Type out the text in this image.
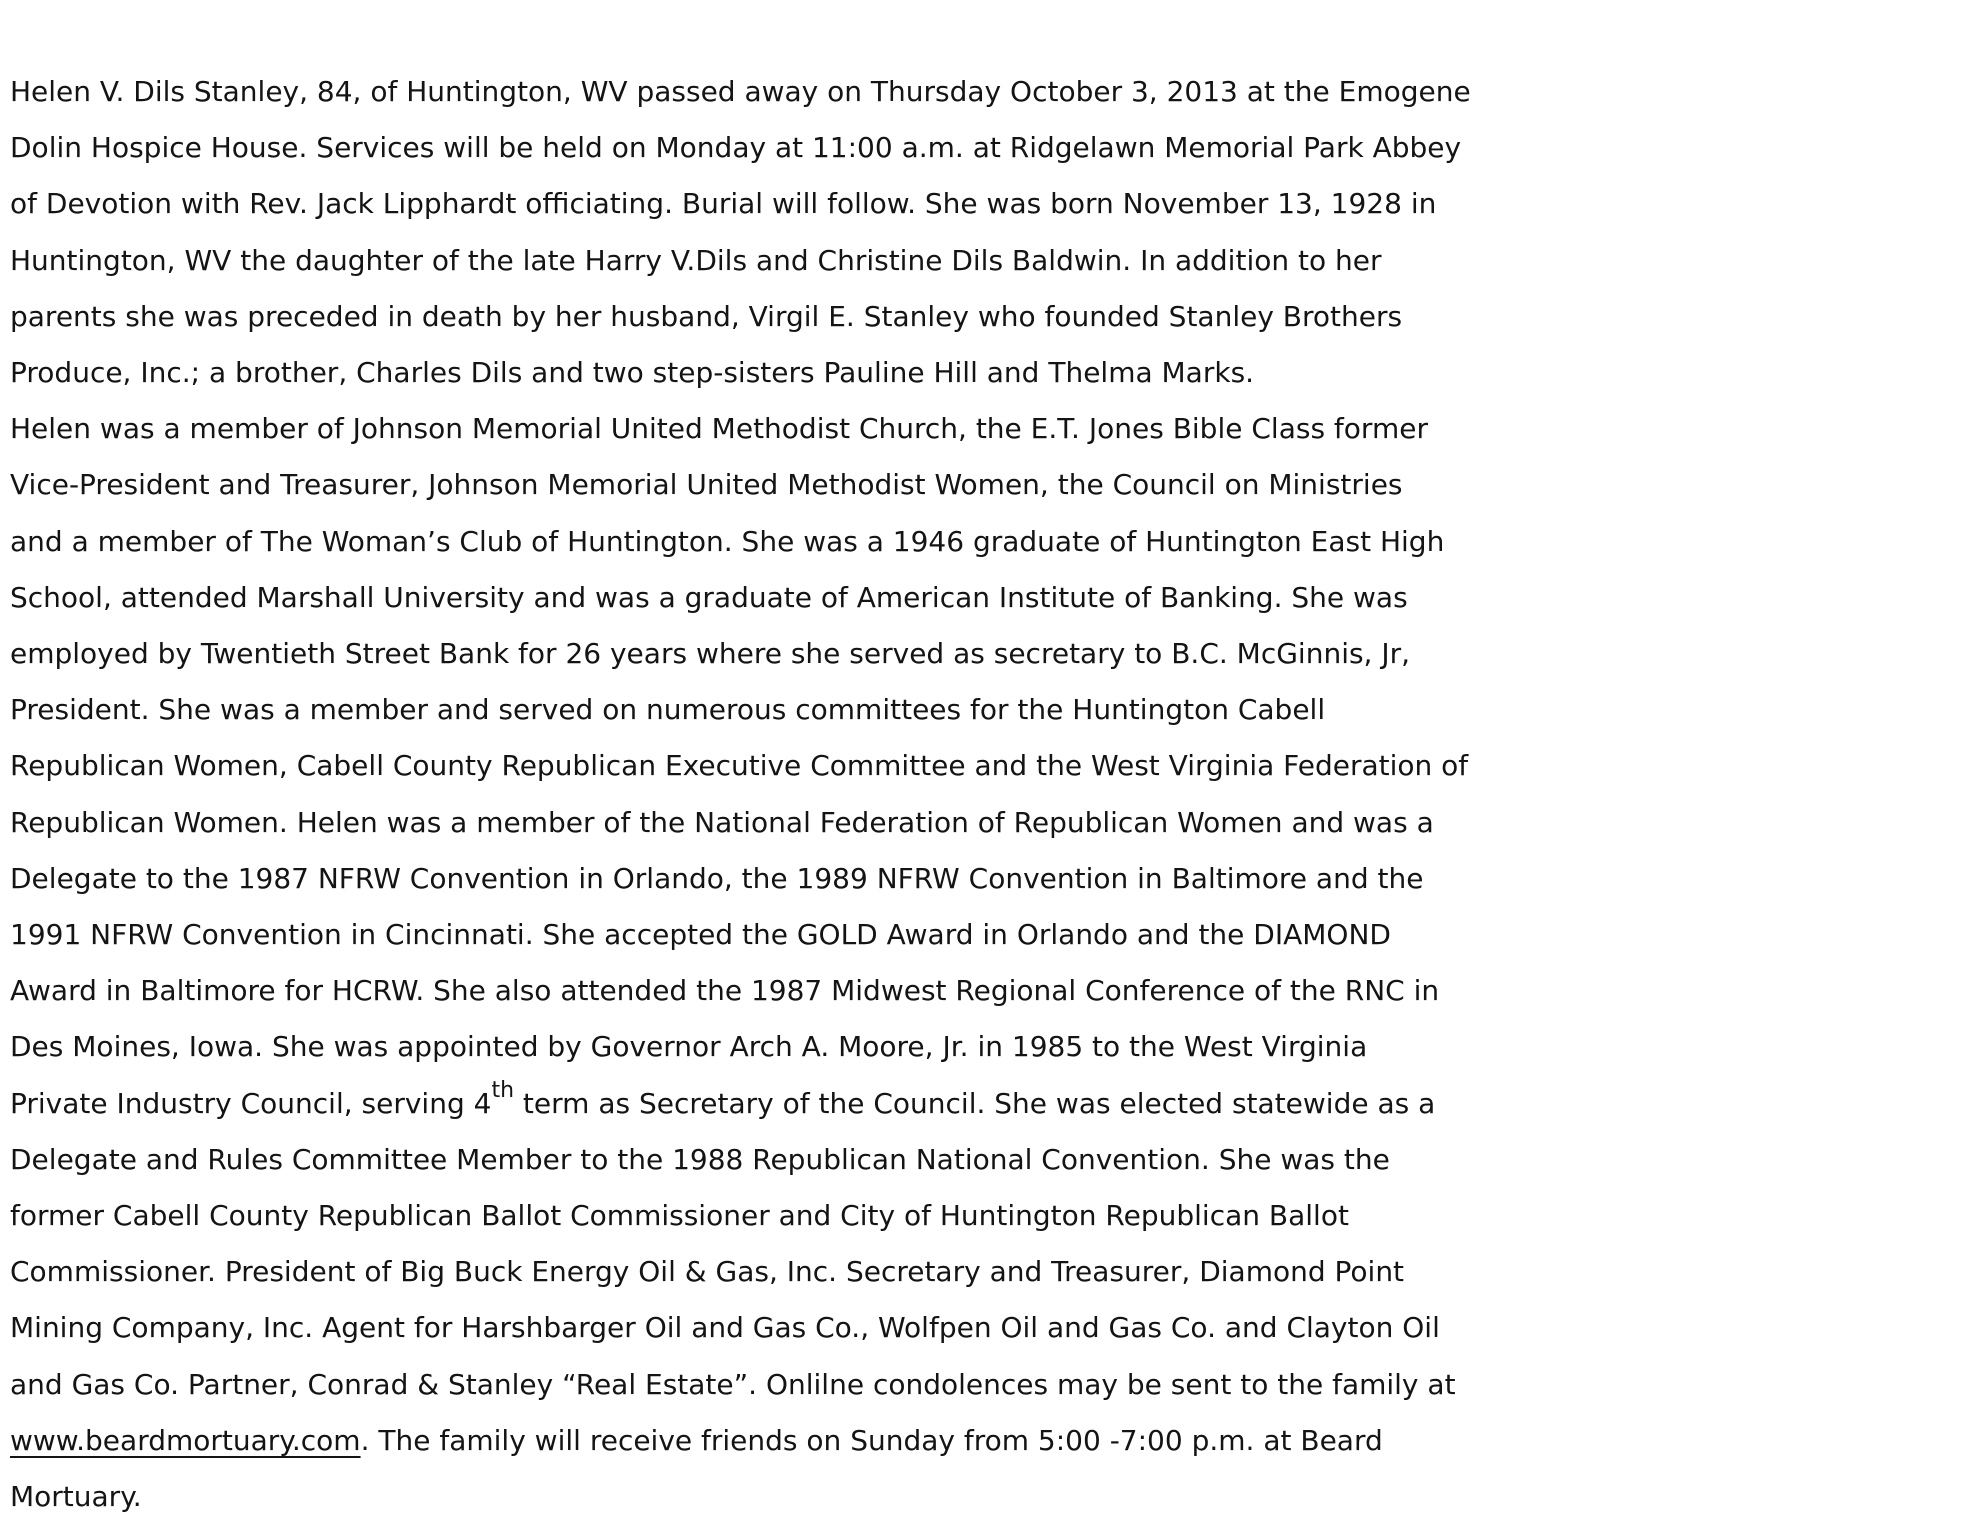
Helen V. Dils Stanley, 84, of Huntington, WV passed away on Thursday October 3, 2013 at the Emogene
Dolin Hospice House. Services will be held on Monday at 11:00 a.m. at Ridgelawn Memorial Park Abbey
of Devotion with Rev. Jack Lipphardt officiating. Burial will follow. She was born November 13, 1928 in
Huntington, WV the daughter of the late Harry V.Dils and Christine Dils Baldwin. In addition to her
parents she was preceded in death by her husband, Virgil E. Stanley who founded Stanley Brothers
Produce, Inc.; a brother, Charles Dils and two step-sisters Pauline Hill and Thelma Marks.
Helen was a member of Johnson Memorial United Methodist Church, the E.T. Jones Bible Class former
Vice-President and Treasurer, Johnson Memorial United Methodist Women, the Council on Ministries
and a member of The Woman’s Club of Huntington. She was a 1946 graduate of Huntington East High
School, attended Marshall University and was a graduate of American Institute of Banking. She was
employed by Twentieth Street Bank for 26 years where she served as secretary to B.C. McGinnis, Jr,
President. She was a member and served on numerous committees for the Huntington Cabell
Republican Women, Cabell County Republican Executive Committee and the West Virginia Federation of
Republican Women. Helen was a member of the National Federation of Republican Women and was a
Delegate to the 1987 NFRW Convention in Orlando, the 1989 NFRW Convention in Baltimore and the
1991 NFRW Convention in Cincinnati. She accepted the GOLD Award in Orlando and the DIAMOND
Award in Baltimore for HCRW. She also attended the 1987 Midwest Regional Conference of the RNC in
Des Moines, Iowa. She was appointed by Governor Arch A. Moore, Jr. in 1985 to the West Virginia
Private Industry Council, serving 4th term as Secretary of the Council. She was elected statewide as a
Delegate and Rules Committee Member to the 1988 Republican National Convention. She was the
former Cabell County Republican Ballot Commissioner and City of Huntington Republican Ballot
Commissioner. President of Big Buck Energy Oil & Gas, Inc. Secretary and Treasurer, Diamond Point
Mining Company, Inc. Agent for Harshbarger Oil and Gas Co., Wolfpen Oil and Gas Co. and Clayton Oil
and Gas Co. Partner, Conrad & Stanley “Real Estate”. Onlilne condolences may be sent to the family at
www.beardmortuary.com. The family will receive friends on Sunday from 5:00 -7:00 p.m. at Beard
Mortuary.
